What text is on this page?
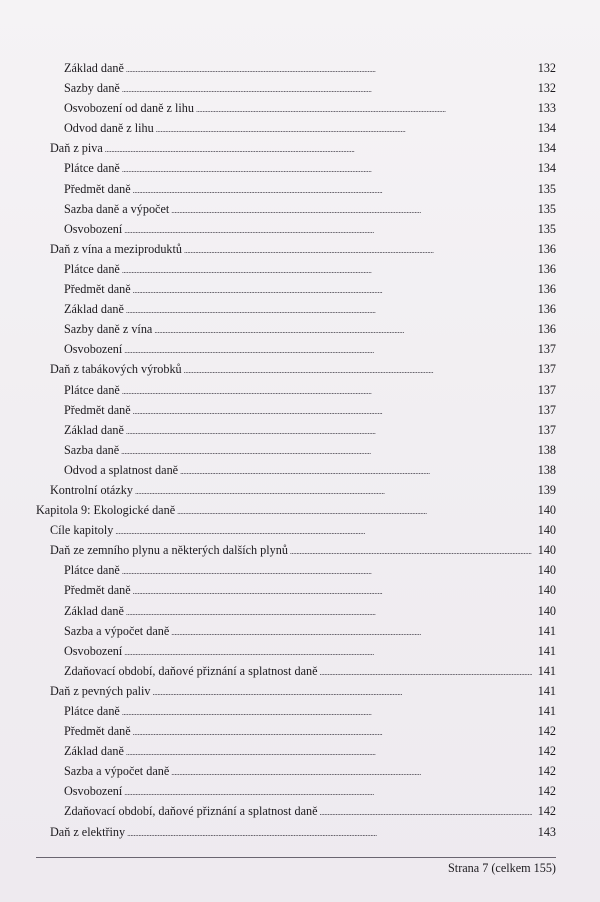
Základ daně . . .	132
Sazby daně . . .	132
Osvobození od daně z lihu . . .	133
Odvod daně z lihu . . .	134
Daň z piva . . .	134
Plátce daně . . .	134
Předmět daně . . .	135
Sazba daně a výpočet . . .	135
Osvobození . . .	135
Daň z vína a meziproduktů . . .	136
Plátce daně . . .	136
Předmět daně . . .	136
Základ daně . . .	136
Sazby daně z vína . . .	136
Osvobození . . .	137
Daň z tabákových výrobků . . .	137
Plátce daně . . .	137
Předmět daně . . .	137
Základ daně . . .	137
Sazba daně . . .	138
Odvod a splatnost daně . . .	138
Kontrolní otázky . . .	139
Kapitola 9: Ekologické daně . . .	140
Cíle kapitoly . . .	140
Daň ze zemního plynu a některých dalších plynů . . .	140
Plátce daně . . .	140
Předmět daně . . .	140
Základ daně . . .	140
Sazba a výpočet daně . . .	141
Osvobození . . .	141
Zdaňovací období, daňové přiznání a splatnost daně . . .	141
Daň z pevných paliv . . .	141
Plátce daně . . .	141
Předmět daně . . .	142
Základ daně . . .	142
Sazba a výpočet daně . . .	142
Osvobození . . .	142
Zdaňovací období, daňové přiznání a splatnost daně . . .	142
Daň z elektřiny . . .	143
Strana 7 (celkem 155)
